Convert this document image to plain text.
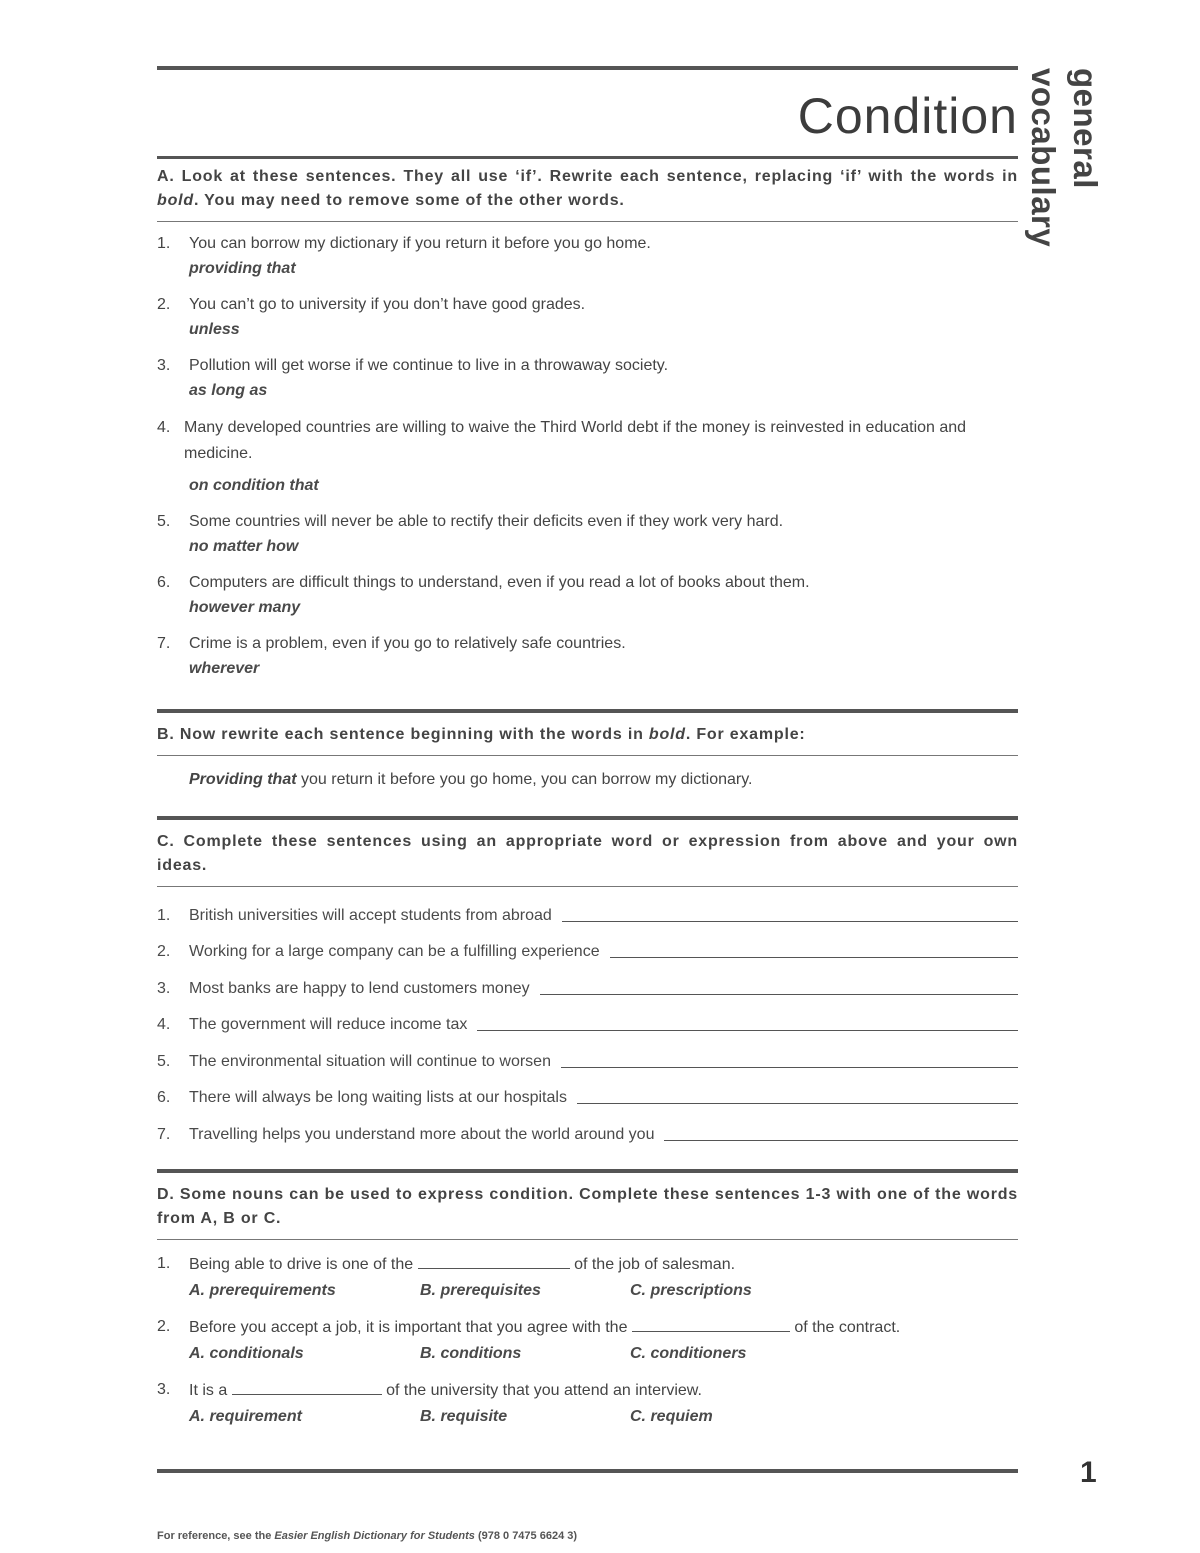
general vocabulary
Condition
A. Look at these sentences. They all use ‘if’. Rewrite each sentence, replacing ‘if’ with the words in bold. You may need to remove some of the other words.
1.	You can borrow my dictionary if you return it before you go home.
providing that
2.	You can’t go to university if you don’t have good grades.
unless
3.	Pollution will get worse if we continue to live in a throwaway society.
as long as
4. Many developed countries are willing to waive the Third World debt if the money is reinvested in education and medicine.
on condition that
5.	Some countries will never be able to rectify their deficits even if they work very hard.
no matter how
6.	Computers are difficult things to understand, even if you read a lot of books about them.
however many
7.	Crime is a problem, even if you go to relatively safe countries.
wherever
B. Now rewrite each sentence beginning with the words in bold. For example:
Providing that you return it before you go home, you can borrow my dictionary.
C. Complete these sentences using an appropriate word or expression from above and your own ideas.
1.	British universities will accept students from abroad
2.	Working for a large company can be a fulfilling experience
3.	Most banks are happy to lend customers money
4.	The government will reduce income tax
5.	The environmental situation will continue to worsen
6.	There will always be long waiting lists at our hospitals
7.	Travelling helps you understand more about the world around you
D. Some nouns can be used to express condition. Complete these sentences 1-3 with one of the words from A, B or C.
1.	Being able to drive is one of the	of the job of salesman.
A. prerequirements	B. prerequisites	C. prescriptions
2.	Before you accept a job, it is important that you agree with the	of the contract.
A. conditionals	B. conditions	C. conditioners
3.	It is a	of the university that you attend an interview.
A. requirement	B. requisite	C. requiem
1
For reference, see the Easier English Dictionary for Students (978 0 7475 6624 3)
